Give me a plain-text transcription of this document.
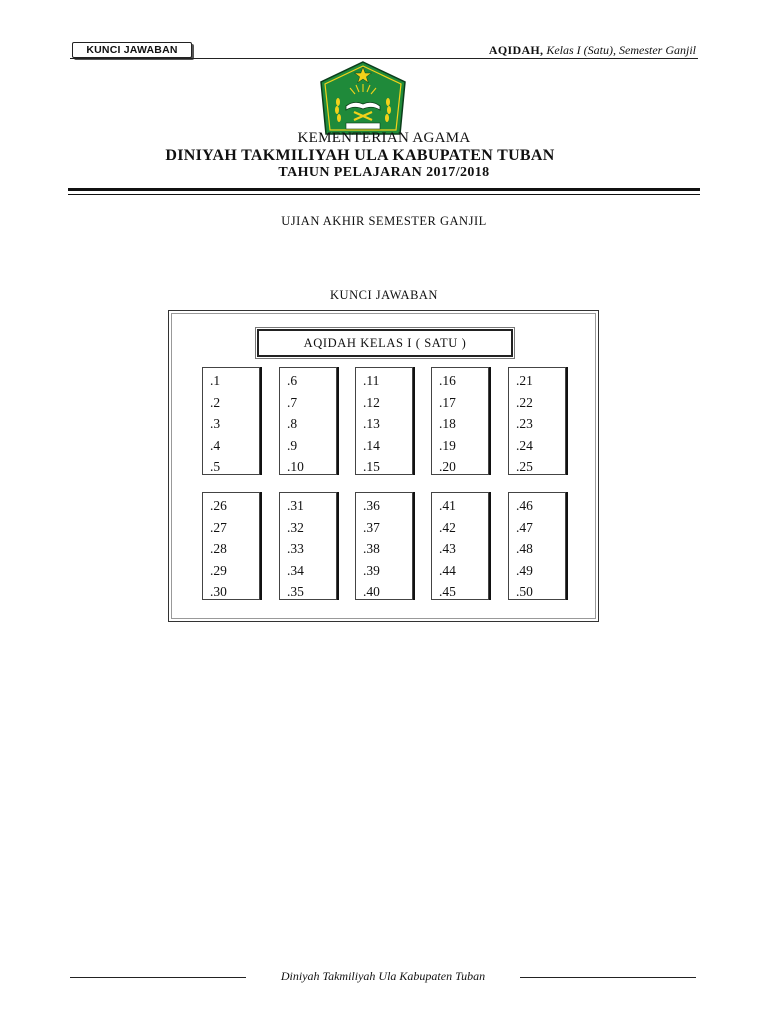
KUNCI JAWABAN	AQIDAH, Kelas I (Satu), Semester Ganjil
KEMENTERIAN AGAMA
DINIYAH TAKMILIYAH ULA KABUPATEN TUBAN
TAHUN PELAJARAN 2017/2018
UJIAN AKHIR SEMESTER GANJIL
KUNCI JAWABAN
AQIDAH KELAS I ( SATU )
.1
.2
.3
.4
.5
.6
.7
.8
.9
.10
.11
.12
.13
.14
.15
.16
.17
.18
.19
.20
.21
.22
.23
.24
.25
.26
.27
.28
.29
.30
.31
.32
.33
.34
.35
.36
.37
.38
.39
.40
.41
.42
.43
.44
.45
.46
.47
.48
.49
.50
Diniyah Takmiliyah Ula Kabupaten Tuban
